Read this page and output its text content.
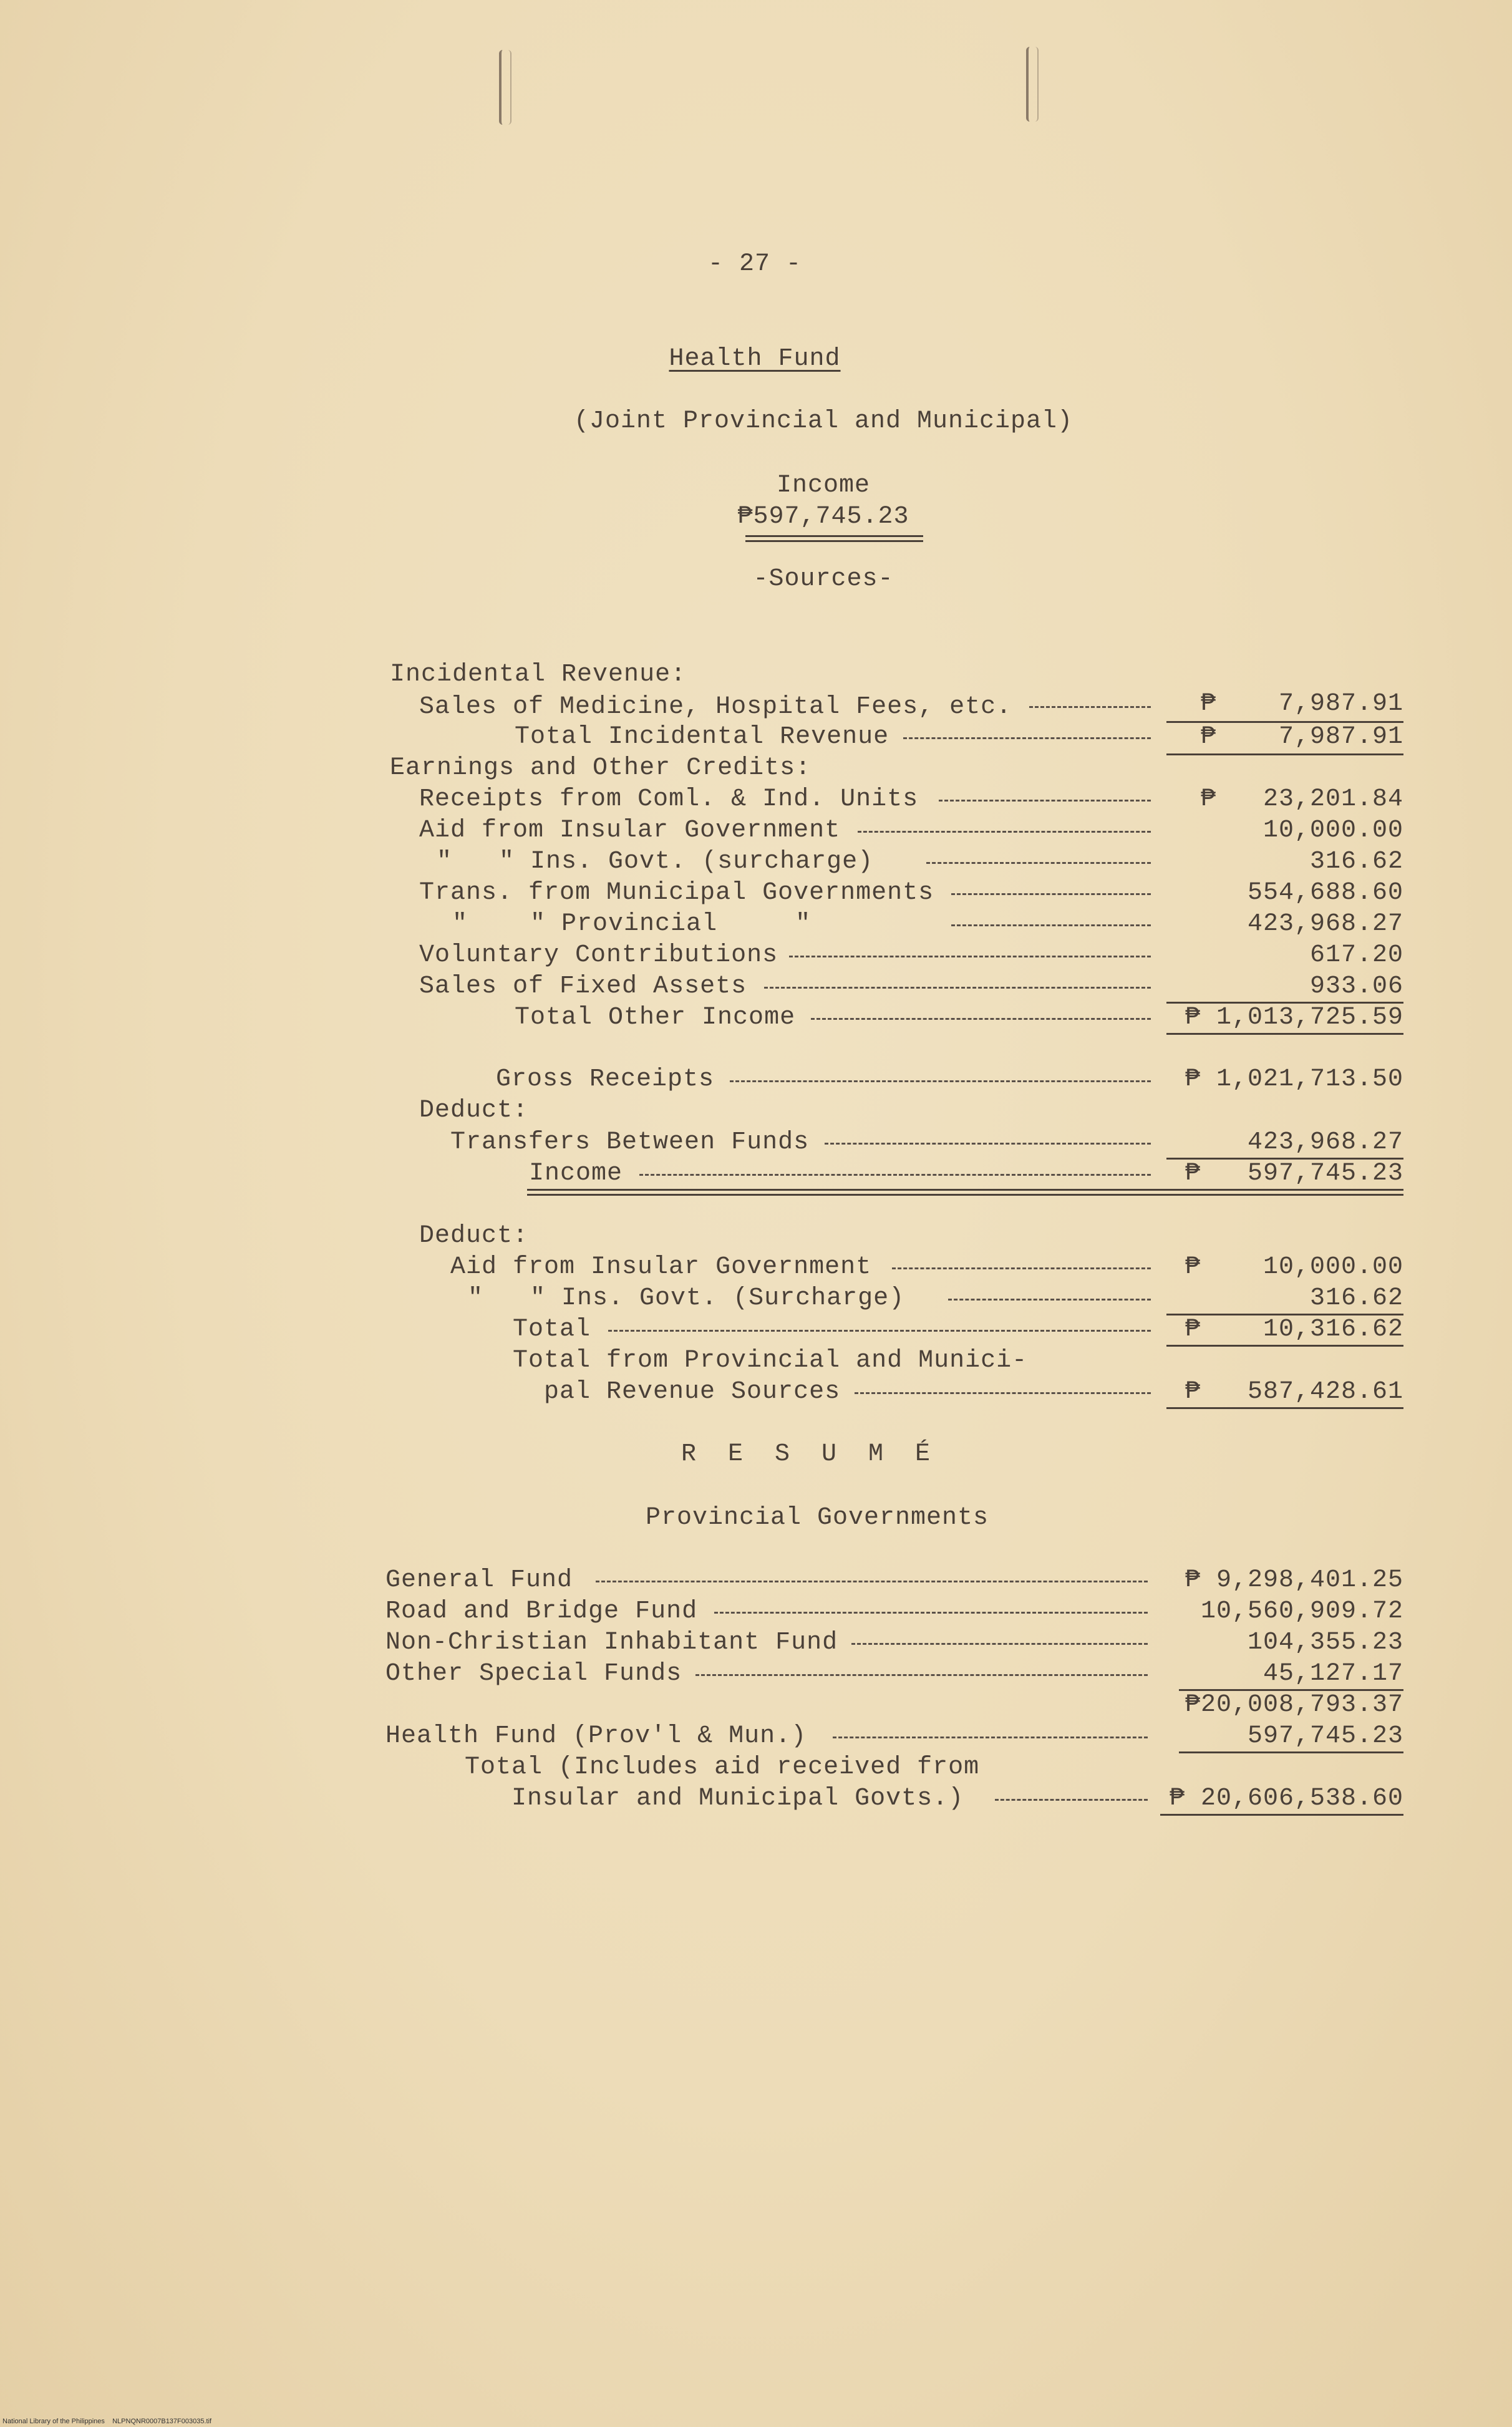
- 27 -
Health Fund
(Joint Provincial and Municipal)
Income
₱597,745.23
-Sources-
Incidental Revenue:
Sales of Medicine, Hospital Fees, etc.	₱    7,987.91
Total Incidental Revenue	₱    7,987.91
Earnings and Other Credits:
Receipts from Coml. & Ind. Units	₱   23,201.84
Aid from Insular Government	10,000.00
"   " Ins. Govt. (surcharge)	316.62
Trans. from Municipal Governments	554,688.60
"    " Provincial     "	423,968.27
Voluntary Contributions	617.20
Sales of Fixed Assets	933.06
Total Other Income	₱ 1,013,725.59
Gross Receipts	₱ 1,021,713.50
Deduct:
Transfers Between Funds	423,968.27
Income	₱   597,745.23
Deduct:
Aid from Insular Government	₱    10,000.00
"   " Ins. Govt. (Surcharge)	316.62
Total	₱    10,316.62
Total from Provincial and Munici-
pal Revenue Sources	₱   587,428.61
R  E  S  U  M  É
Provincial Governments
General Fund	₱ 9,298,401.25
Road and Bridge Fund	10,560,909.72
Non-Christian Inhabitant Fund	104,355.23
Other Special Funds	45,127.17
₱20,008,793.37
Health Fund (Prov'l & Mun.)	597,745.23
Total (Includes aid received from
Insular and Municipal Govts.)	₱ 20,606,538.60
National Library of the Philippines    NLPNQNR0007B137F003035.tif
